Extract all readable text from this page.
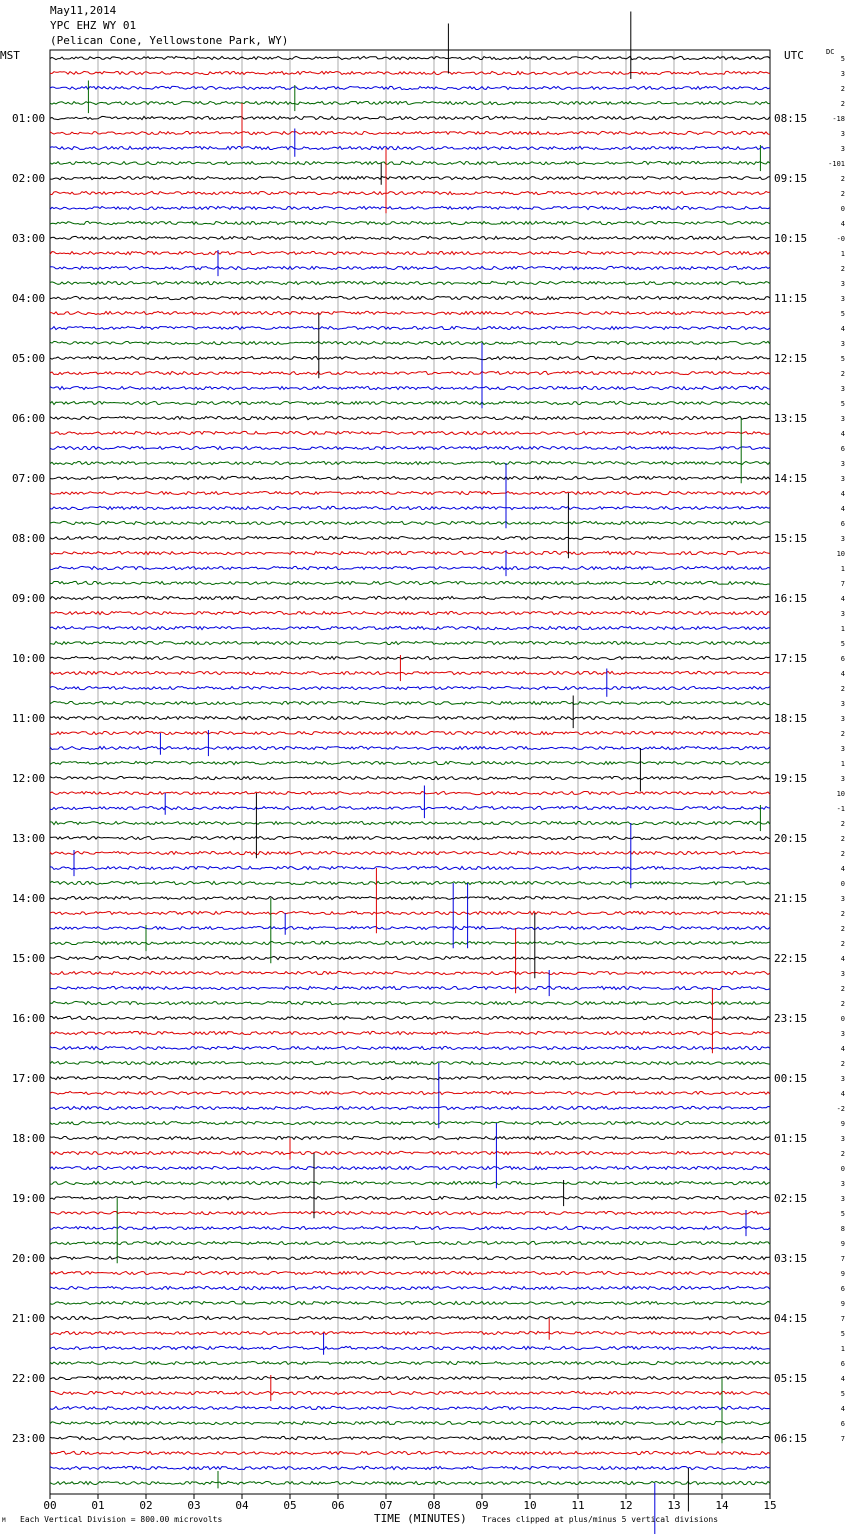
May11,2014
YPC EHZ WY 01
(Pelican Cone, Yellowstone Park, WY)
MST	UTC	DC
01:00
02:00
03:00
04:00
05:00
06:00
07:00
08:00
09:00
10:00
11:00
12:00
13:00
14:00
15:00
16:00
17:00
18:00
19:00
20:00
21:00
22:00
23:00
08:15
09:15
10:15
11:15
12:15
13:15
14:15
15:15
16:15
17:15
18:15
19:15
20:15
21:15
22:15
23:15
00:15
01:15
02:15
03:15
04:15
05:15
06:15
5
3
2
2
-18
3
3
-101
2
2
0
4
-0
1
2
3
3
5
4
3
5
2
3
5
3
4
6
3
3
4
4
6
3
10
1
7
4
3
1
5
6
4
2
3
3
2
3
1
3
10
-1
2
2
2
4
0
3
2
2
2
4
3
2
2
0
3
4
2
3
4
-2
9
3
2
0
3
3
5
8
9
7
9
6
9
7
5
1
6
4
5
4
6
7
00	01	02	03	04	05	06	07	08	09	10	11	12	13	14	15
M Each Vertical Division = 800.00 microvolts	TIME (MINUTES) Traces clipped at plus/minus 5 vertical divisions
